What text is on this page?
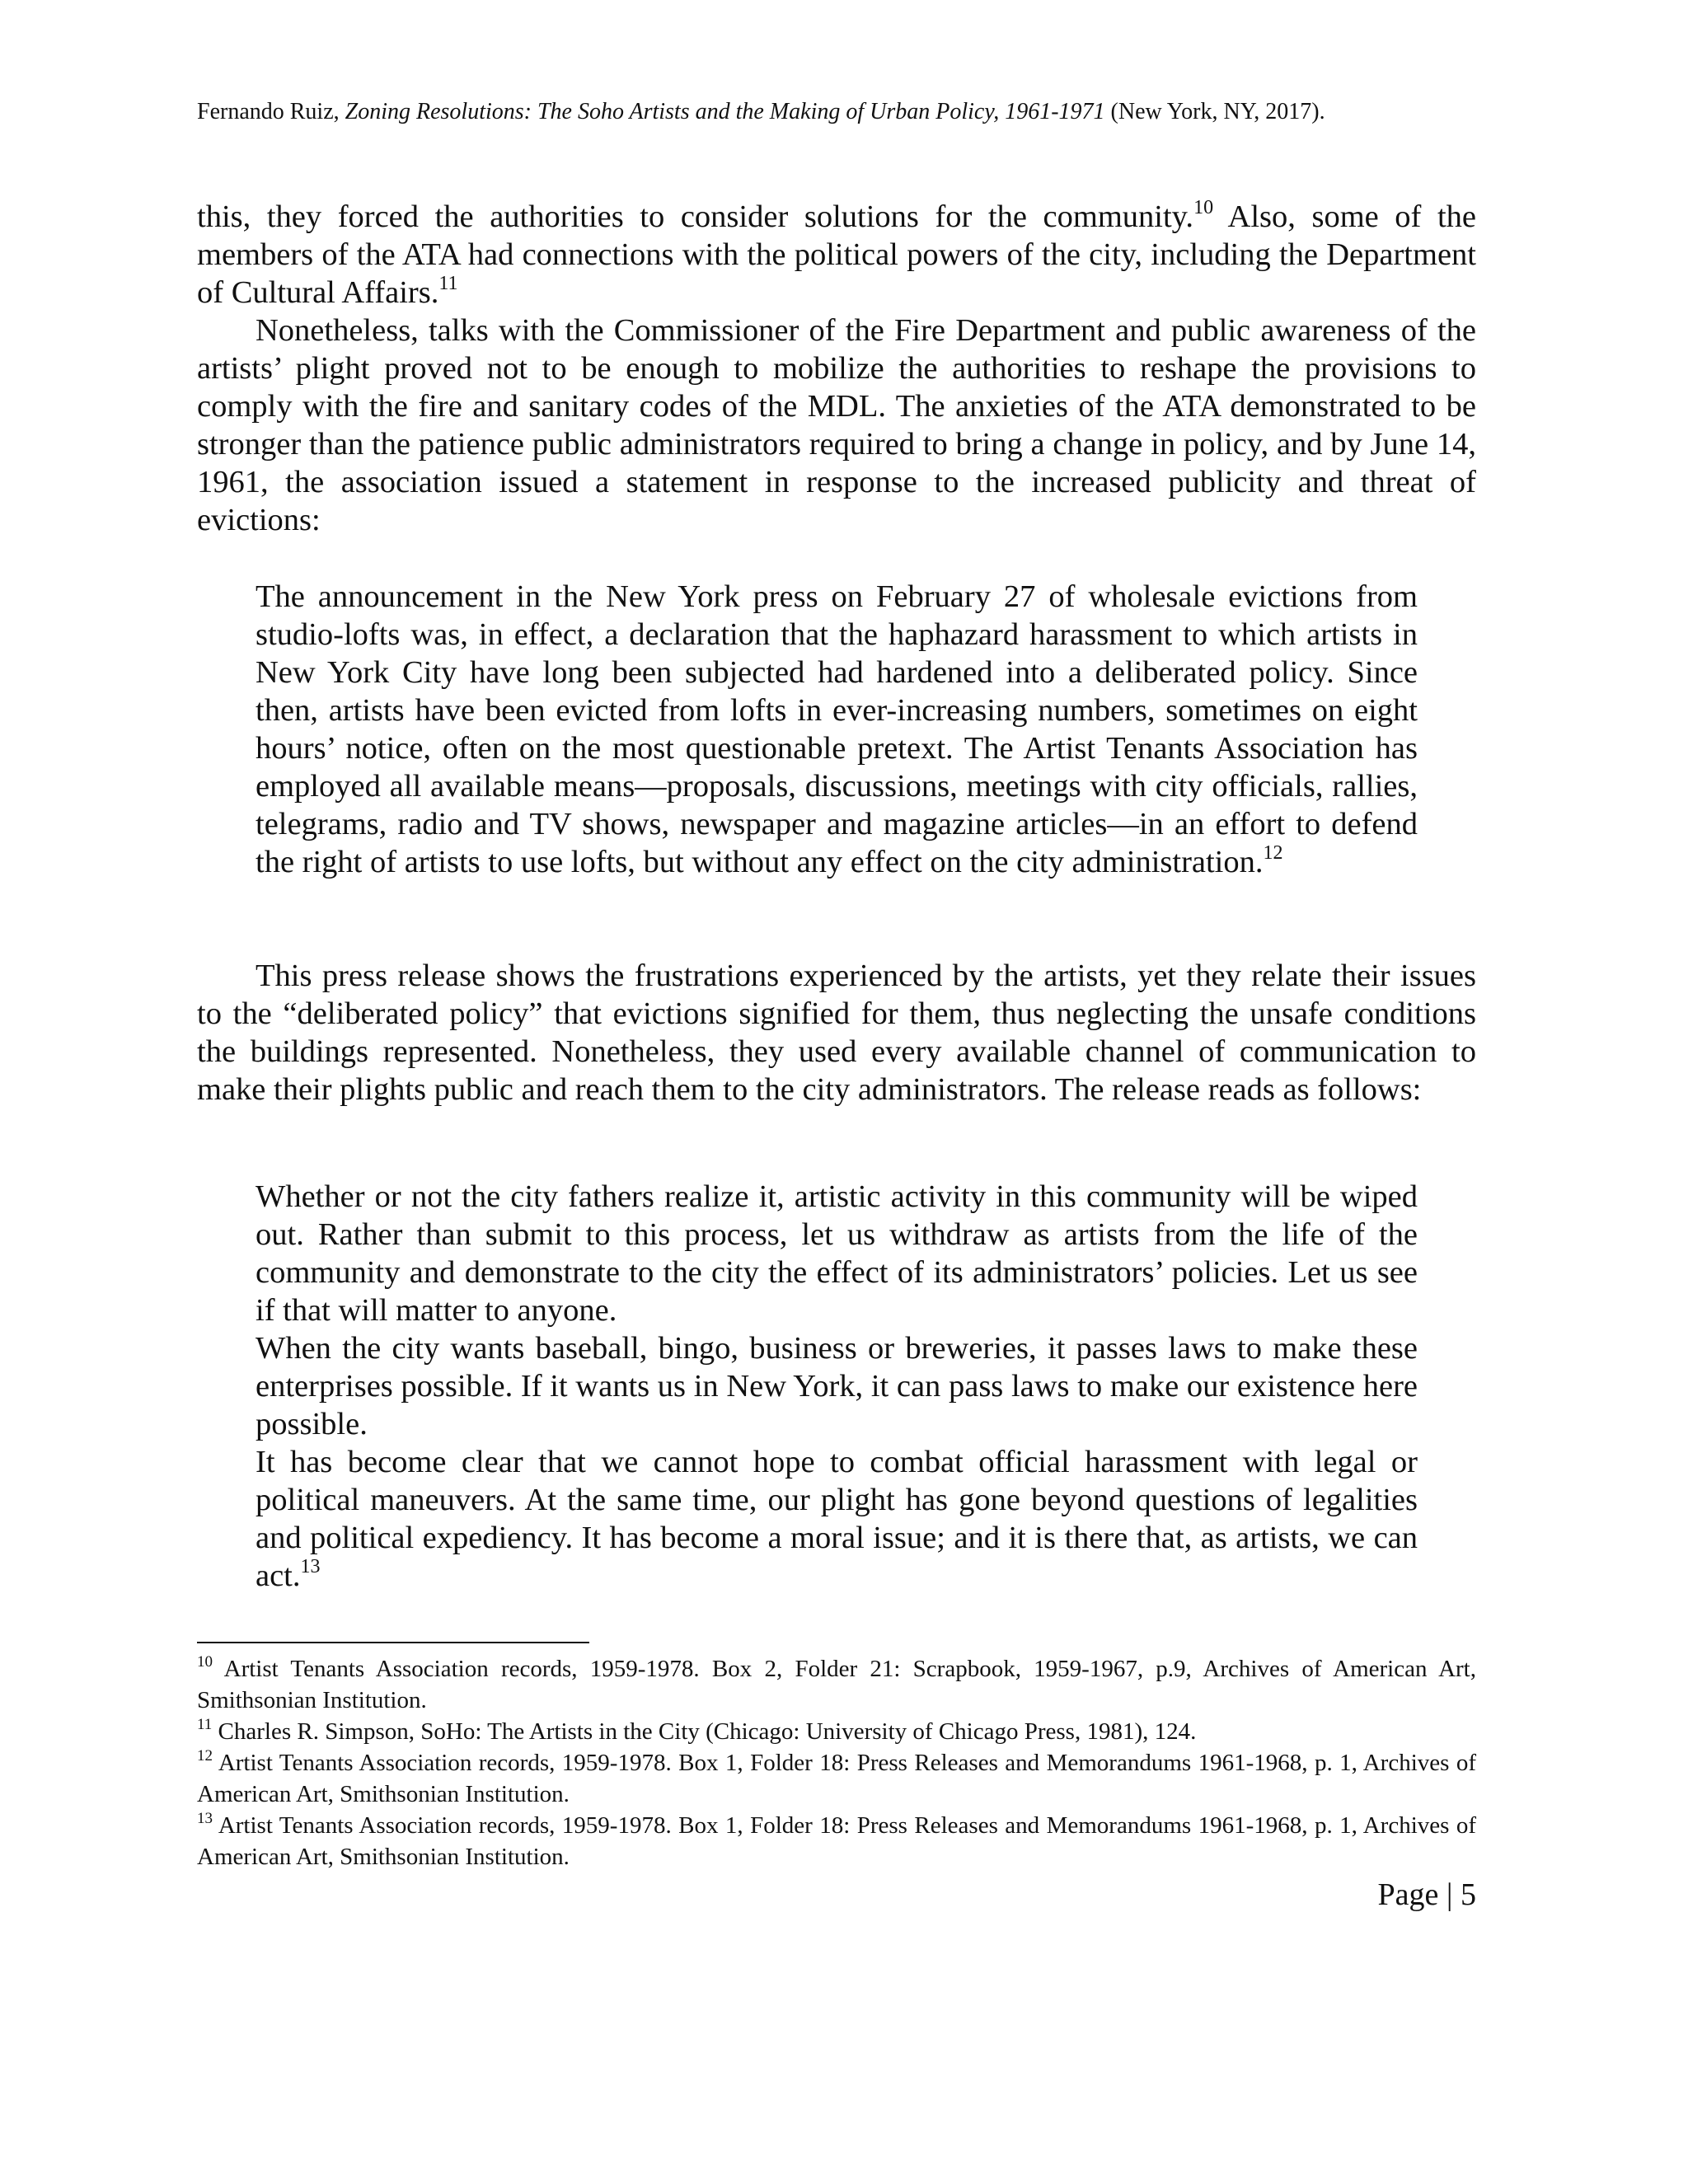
Fernando Ruiz, Zoning Resolutions: The Soho Artists and the Making of Urban Policy, 1961-1971 (New York, NY, 2017).

this, they forced the authorities to consider solutions for the community.$^{10}$ Also, some of the members of the ATA had connections with the political powers of the city, including the Department of Cultural Affairs.$^{11}$

Nonetheless, talks with the Commissioner of the Fire Department and public awareness of the artists’ plight proved not to be enough to mobilize the authorities to reshape the provisions to comply with the fire and sanitary codes of the MDL. The anxieties of the ATA demonstrated to be stronger than the patience public administrators required to bring a change in policy, and by June 14, 1961, the association issued a statement in response to the increased publicity and threat of evictions:

The announcement in the New York press on February 27 of wholesale evictions from studio-lofts was, in effect, a declaration that the haphazard harassment to which artists in New York City have long been subjected had hardened into a deliberated policy. Since then, artists have been evicted from lofts in ever-increasing numbers, sometimes on eight hours’ notice, often on the most questionable pretext. The Artist Tenants Association has employed all available means—proposals, discussions, meetings with city officials, rallies, telegrams, radio and TV shows, newspaper and magazine articles—in an effort to defend the right of artists to use lofts, but without any effect on the city administration.$^{12}$

This press release shows the frustrations experienced by the artists, yet they relate their issues to the “deliberated policy” that evictions signified for them, thus neglecting the unsafe conditions the buildings represented. Nonetheless, they used every available channel of communication to make their plights public and reach them to the city administrators. The release reads as follows:

Whether or not the city fathers realize it, artistic activity in this community will be wiped out. Rather than submit to this process, let us withdraw as artists from the life of the community and demonstrate to the city the effect of its administrators’ policies. Let us see if that will matter to anyone.

When the city wants baseball, bingo, business or breweries, it passes laws to make these enterprises possible. If it wants us in New York, it can pass laws to make our existence here possible.

It has become clear that we cannot hope to combat official harassment with legal or political maneuvers. At the same time, our plight has gone beyond questions of legalities and political expediency. It has become a moral issue; and it is there that, as artists, we can act.$^{13}$

$^{10}$ Artist Tenants Association records, 1959-1978. Box 2, Folder 21: Scrapbook, 1959-1967, p.9, Archives of American Art, Smithsonian Institution.

$^{11}$ Charles R. Simpson, SoHo: The Artists in the City (Chicago: University of Chicago Press, 1981), 124.

$^{12}$ Artist Tenants Association records, 1959-1978. Box 1, Folder 18: Press Releases and Memorandums 1961-1968, p. 1, Archives of American Art, Smithsonian Institution.

$^{13}$ Artist Tenants Association records, 1959-1978. Box 1, Folder 18: Press Releases and Memorandums 1961-1968, p. 1, Archives of American Art, Smithsonian Institution.

Page | 5
